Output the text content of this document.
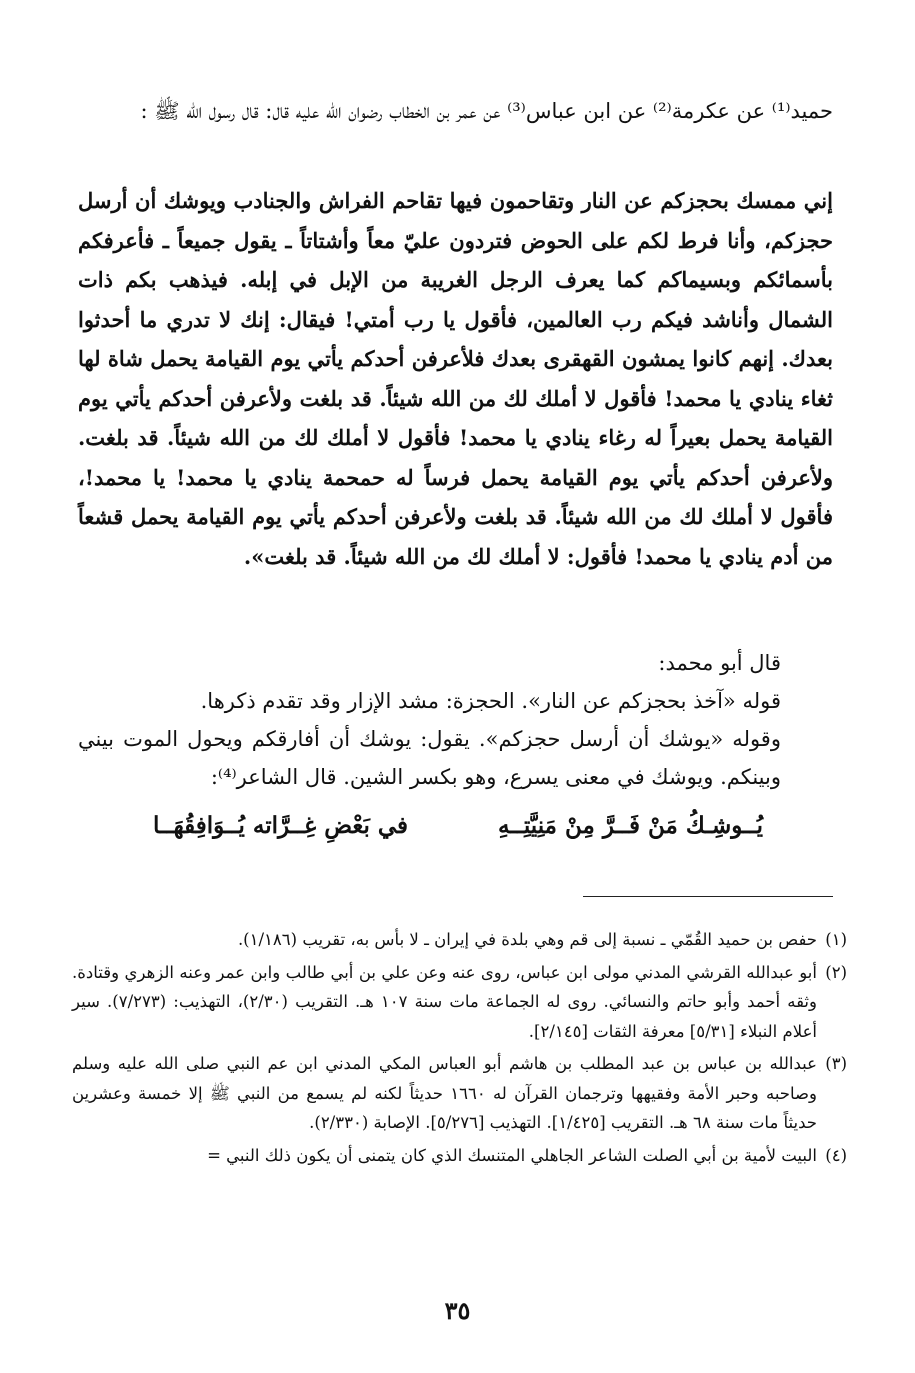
حميد⁽¹⁾ عن عكرمة⁽²⁾ عن ابن عباس⁽³⁾ عن عمر بن الخطاب رضوان الله عليه قال: قال رسول الله ﷺ :

إني ممسك بحجزكم عن النار وتقاحمون فيها تقاحم الفراش والجنادب ويوشك أن أرسل حجزكم، وأنا فرط لكم على الحوض فتردون عليّ معاً وأشتاتاً ـ يقول جميعاً ـ فأعرفكم بأسمائكم وبسيماكم كما يعرف الرجل الغريبة من الإبل في إبله. فيذهب بكم ذات الشمال وأناشد فيكم رب العالمين، فأقول يا رب أمتي! فيقال: إنك لا تدري ما أحدثوا بعدك. إنهم كانوا يمشون القهقرى بعدك فلأعرفن أحدكم يأتي يوم القيامة يحمل شاة لها ثغاء ينادي يا محمد! فأقول لا أملك لك من الله شيئاً. قد بلغت ولأعرفن أحدكم يأتي يوم القيامة يحمل بعيراً له رغاء ينادي يا محمد! فأقول لا أملك لك من الله شيئاً. قد بلغت. ولأعرفن أحدكم يأتي يوم القيامة يحمل فرساً له حمحمة ينادي يا محمد! يا محمد!، فأقول لا أملك لك من الله شيئاً. قد بلغت ولأعرفن أحدكم يأتي يوم القيامة يحمل قشعاً من أدم ينادي يا محمد! فأقول: لا أملك لك من الله شيئاً. قد بلغت».

قال أبو محمد:

قوله «آخذ بحجزكم عن النار». الحجزة: مشد الإزار وقد تقدم ذكرها.

وقوله «يوشك أن أرسل حجزكم». يقول: يوشك أن أفارقكم ويحول الموت بيني وبينكم. ويوشك في معنى يسرع، وهو بكسر الشين. قال الشاعر⁽⁴⁾:

يُــوشِـكُ مَنْ فَــرَّ مِنْ مَنِيَّتِــهِ
في بَعْضِ غِــرَّاته يُــوَافِقُهَــا
(١)
حفص بن حميد القُمّي ـ نسبة إلى قم وهي بلدة في إيران ـ لا بأس به، تقريب (١/١٨٦).
(٢)
أبو عبدالله القرشي المدني مولى ابن عباس، روى عنه وعن علي بن أبي طالب وابن عمر وعنه الزهري وقتادة. وثقه أحمد وأبو حاتم والنسائي. روى له الجماعة مات سنة ١٠٧ هـ. التقريب (٢/٣٠)، التهذيب: (٧/٢٧٣). سير أعلام النبلاء [٥/٣١] معرفة الثقات [٢/١٤٥].
(٣)
عبدالله بن عباس بن عبد المطلب بن هاشم أبو العباس المكي المدني ابن عم النبي صلى الله عليه وسلم وصاحبه وحبر الأمة وفقيهها وترجمان القرآن له ١٦٦٠ حديثاً لكنه لم يسمع من النبي ﷺ إلا خمسة وعشرين حديثاً مات سنة ٦٨ هـ. التقريب [١/٤٢٥]. التهذيب [٥/٢٧٦]. الإصابة (٢/٣٣٠).
(٤)
البيت لأمية بن أبي الصلت الشاعر الجاهلي المتنسك الذي كان يتمنى أن يكون ذلك النبي =
٣٥
